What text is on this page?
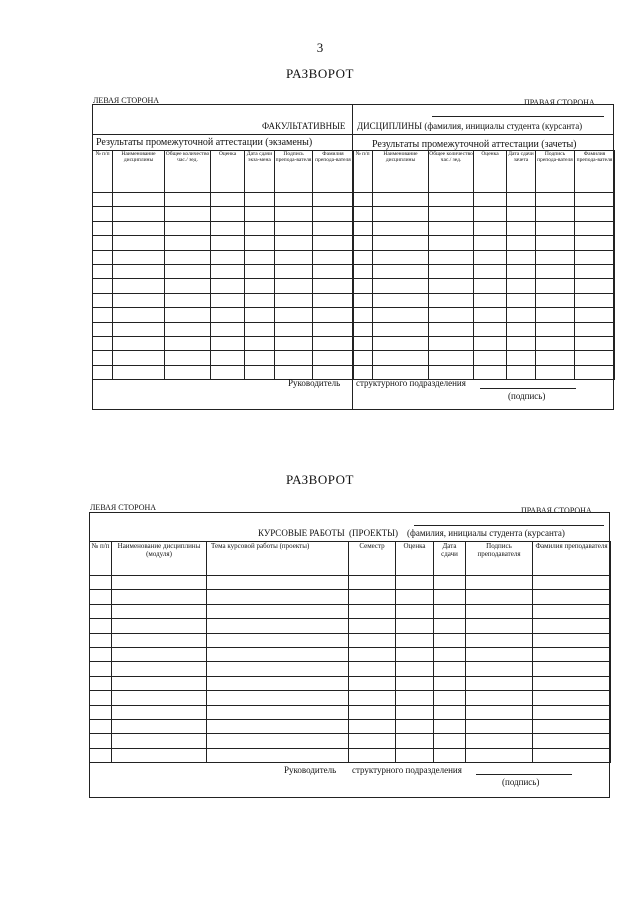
3
РАЗВОРОТ
ЛЕВАЯ СТОРОНА	ПРАВАЯ СТОРОНА
ФАКУЛЬТАТИВНЫЕ ДИСЦИПЛИНЫ (фамилия, инициалы студента (курсанта)
Результаты промежуточной аттестации (экзамены)	Результаты промежуточной аттестации (зачеты)
№ п/п	Наименование дисциплины	Общее количество час./ зед.	Оценка	Дата сдачи экза-мена	Подпись препода-вателя	Фамилия препода-вателя

№ п/п	Наименование дисциплины	Общее количество час./ зед.	Оценка	Дата сдачи зачета	Подпись препода-вателя	Фамилия препода-вателя

Руководитель структурного подразделения
(подпись)
РАЗВОРОТ
ЛЕВАЯ СТОРОНА	ПРАВАЯ СТОРОНА
КУРСОВЫЕ РАБОТЫ (ПРОЕКТЫ) (фамилия, инициалы студента (курсанта)
№ п/п	Наименование дисциплины (модуля)	Тема курсовой работы (проекты)	Семестр	Оценка	Дата сдачи	Подпись преподавателя	Фамилия преподавателя

Руководитель структурного подразделения
(подпись)
